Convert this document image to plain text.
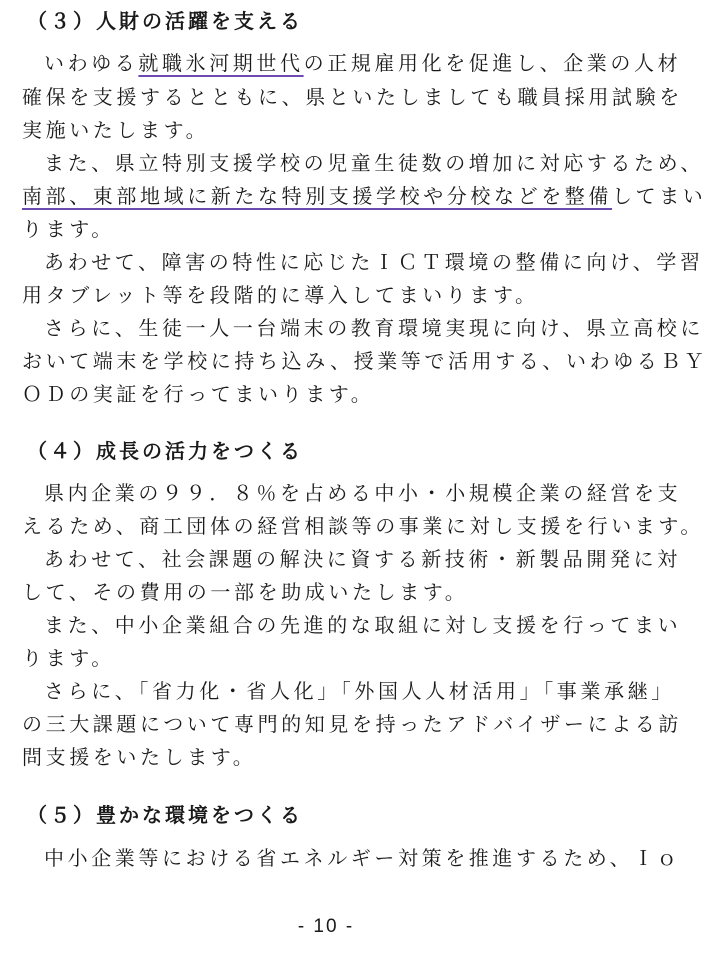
（３）人財の活躍を支える
いわゆる就職氷河期世代の正規雇用化を促進し、企業の人材
確保を支援するとともに、県といたしましても職員採用試験を
実施いたします。
また、県立特別支援学校の児童生徒数の増加に対応するため、
南部、東部地域に新たな特別支援学校や分校などを整備してまい
ります。
あわせて、障害の特性に応じたＩＣＴ環境の整備に向け、学習
用タブレット等を段階的に導入してまいります。
さらに、生徒一人一台端末の教育環境実現に向け、県立高校に
おいて端末を学校に持ち込み、授業等で活用する、いわゆるＢＹ
ＯＤの実証を行ってまいります。
（４）成長の活力をつくる
県内企業の９９．８％を占める中小・小規模企業の経営を支
えるため、商工団体の経営相談等の事業に対し支援を行います。
あわせて、社会課題の解決に資する新技術・新製品開発に対
して、その費用の一部を助成いたします。
また、中小企業組合の先進的な取組に対し支援を行ってまい
ります。
さらに、「省力化・省人化」「外国人人材活用」「事業承継」
の三大課題について専門的知見を持ったアドバイザーによる訪
問支援をいたします。
（５）豊かな環境をつくる
中小企業等における省エネルギー対策を推進するため、Ｉｏ
- 10 -
